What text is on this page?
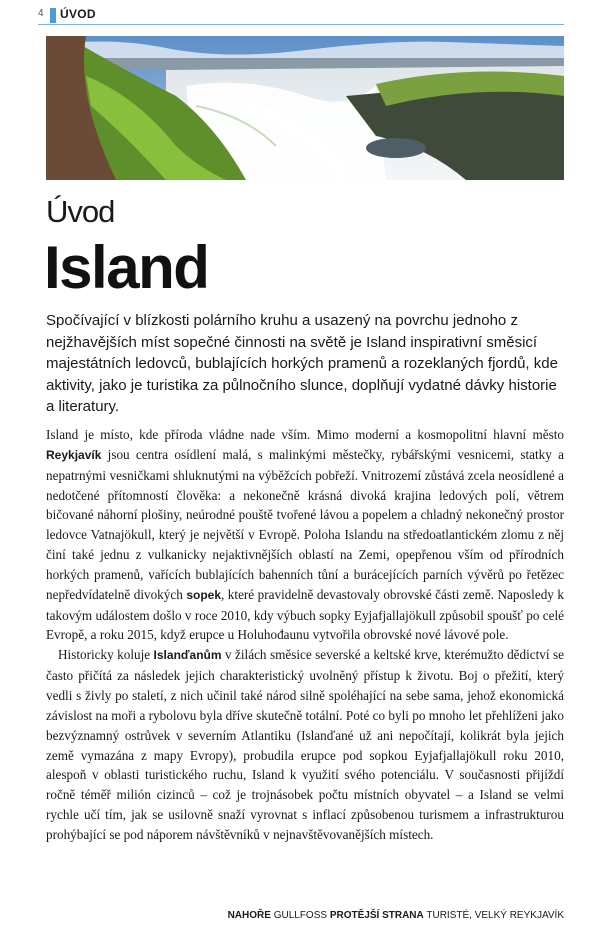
4 ÚVOD
Úvod
Island

Spočívající v blízkosti polárního kruhu a usazený na povrchu jednoho z nejžhavějších míst sopečné činnosti na světě je Island inspirativní směsicí majestátních ledovců, bublajících horkých pramenů a rozeklaných fjordů, kde aktivity, jako je turistika za půlnočního slunce, doplňují vydatné dávky historie a literatury.

Island je místo, kde příroda vládne nade vším. Mimo moderní a kosmopolitní hlavní město Reykjavík jsou centra osídlení malá, s malinkými městečky, rybářskými vesnicemi, statky a nepatrnými vesničkami shluknutými na výběžcích pobřeží. Vnitrozemí zůstává zcela neosídlené a nedotčené přítomností člověka: a nekonečně krásná divoká krajina ledových polí, větrem bičované náhorní plošiny, neúrodné pouště tvořené lávou a popelem a chladný nekonečný prostor ledovce Vatnajökull, který je největší v Evropě. Poloha Islandu na středoatlantickém zlomu z něj činí také jednu z vulkanicky nejaktivnějších oblastí na Zemi, opepřenou vším od přírodních horkých pramenů, vařících bublajících bahenních tůní a burácejících parních vývěrů po řetězec nepředvídatelně divokých sopek, které pravidelně devastovaly obrovské části země. Naposledy k takovým událostem došlo v roce 2010, kdy výbuch sopky Eyjafjallajökull způsobil spoušť po celé Evropě, a roku 2015, když erupce u Holuhođaunu vytvořila obrovské nové lávové pole.

Historicky koluje Islanďanům v žilách směsice severské a keltské krve, kterémužto dědictví se často přičítá za následek jejich charakteristický uvolněný přístup k životu. Boj o přežití, který vedli s živly po staletí, z nich učinil také národ silně spoléhající na sebe sama, jehož ekonomická závislost na moři a rybolovu byla dříve skutečně totální. Poté co byli po mnoho let přehlíženi jako bezvýznamný ostrůvek v severním Atlantiku (Islanďané už ani nepočítají, kolikrát byla jejich země vymazána z mapy Evropy), probudila erupce pod sopkou Eyjafjallajökull roku 2010, alespoň v oblasti turistického ruchu, Island k využití svého potenciálu. V současnosti přijíždí ročně téměř milión cizinců – což je trojnásobek počtu místních obyvatel – a Island se velmi rychle učí tím, jak se usilovně snaží vyrovnat s inflací způsobenou turismem a infrastrukturou prohýbající se pod náporem návštěvníků v nejnavštěvovanějších místech.

NAHOŘE GULLFOSS PROTĚJŠÍ STRANA TURISTÉ, VELKÝ REYKJAVÍK
